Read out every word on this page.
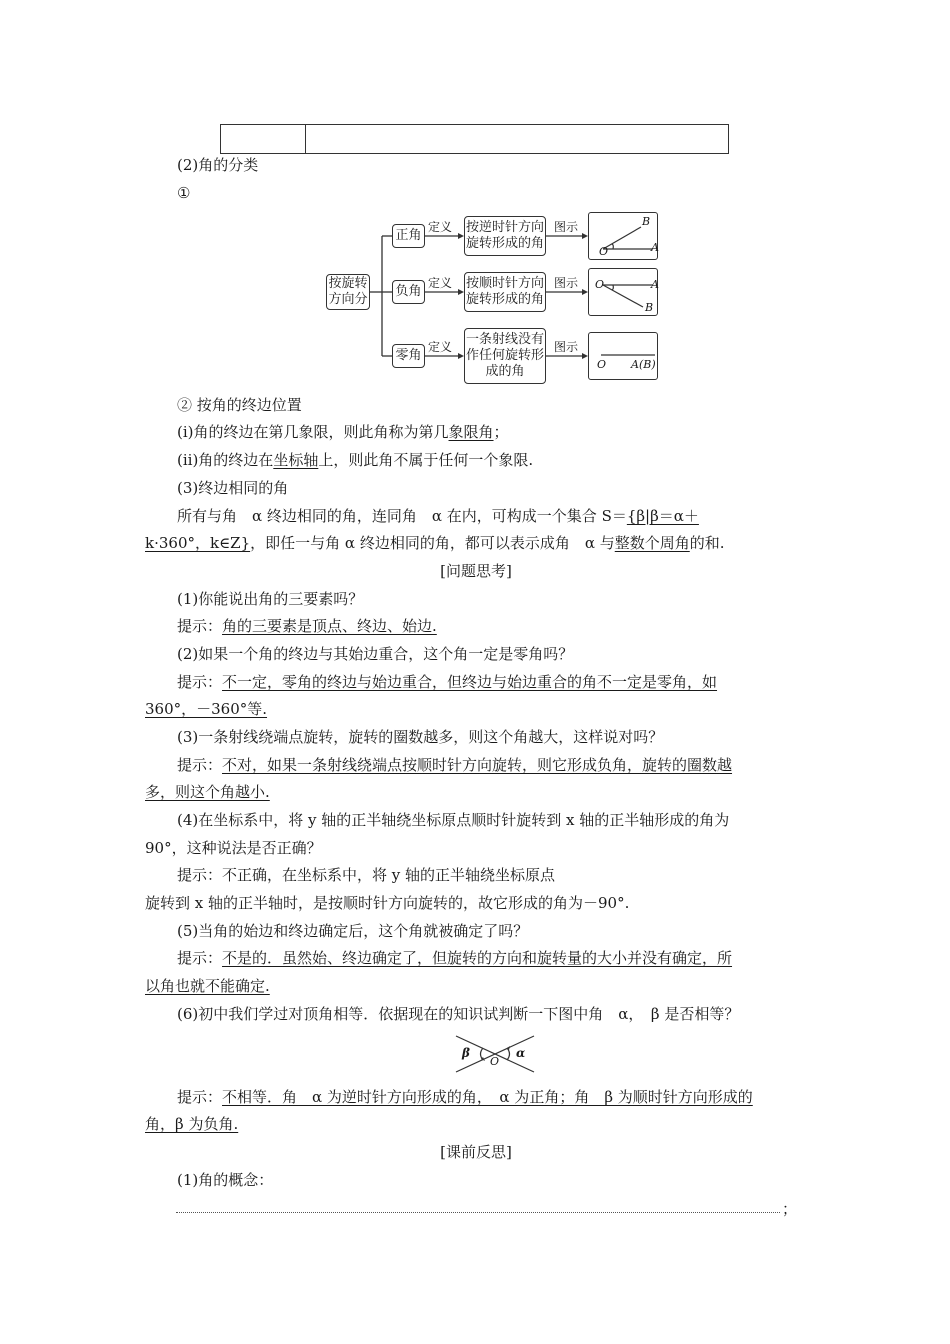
(2)角的分类
①
按旋转方向分
正角
负角
零角
定义
定义
定义
按逆时针方向旋转形成的角
按顺时针方向旋转形成的角
一条射线没有作任何旋转形成的角
图示
图示
图示
O	A
B
O	A
B
O A(B)
② 按角的终边位置
(ⅰ)角的终边在第几象限，则此角称为第几象限角；
(ⅱ)角的终边在坐标轴上，则此角不属于任何一个象限.
(3)终边相同的角
所有与角　α 终边相同的角，连同角　α 在内，可构成一个集合 S＝{β|β＝α＋
k·360°，k∈Z}，即任一与角 α 终边相同的角，都可以表示成角　α 与整数个周角的和.
[问题思考]
(1)你能说出角的三要素吗？
提示：角的三要素是顶点、终边、始边.
(2)如果一个角的终边与其始边重合，这个角一定是零角吗？
提示：不一定，零角的终边与始边重合，但终边与始边重合的角不一定是零角，如
360°，－360°等.
(3)一条射线绕端点旋转，旋转的圈数越多，则这个角越大，这样说对吗？
提示：不对，如果一条射线绕端点按顺时针方向旋转，则它形成负角，旋转的圈数越
多，则这个角越小.
(4)在坐标系中，将 y 轴的正半轴绕坐标原点顺时针旋转到 x 轴的正半轴形成的角为
90°，这种说法是否正确？
提示：不正确，在坐标系中，将 y 轴的正半轴绕坐标原点
旋转到 x 轴的正半轴时，是按顺时针方向旋转的，故它形成的角为－90°.
(5)当角的始边和终边确定后，这个角就被确定了吗？
提示：不是的．虽然始、终边确定了，但旋转的方向和旋转量的大小并没有确定，所
以角也就不能确定.
(6)初中我们学过对顶角相等．依据现在的知识试判断一下图中角　α，　β 是否相等？
β
O
α
提示：不相等．角　α 为逆时针方向形成的角，　α 为正角；角　β 为顺时针方向形成的
角，β 为负角.
[课前反思]
(1)角的概念：
；
